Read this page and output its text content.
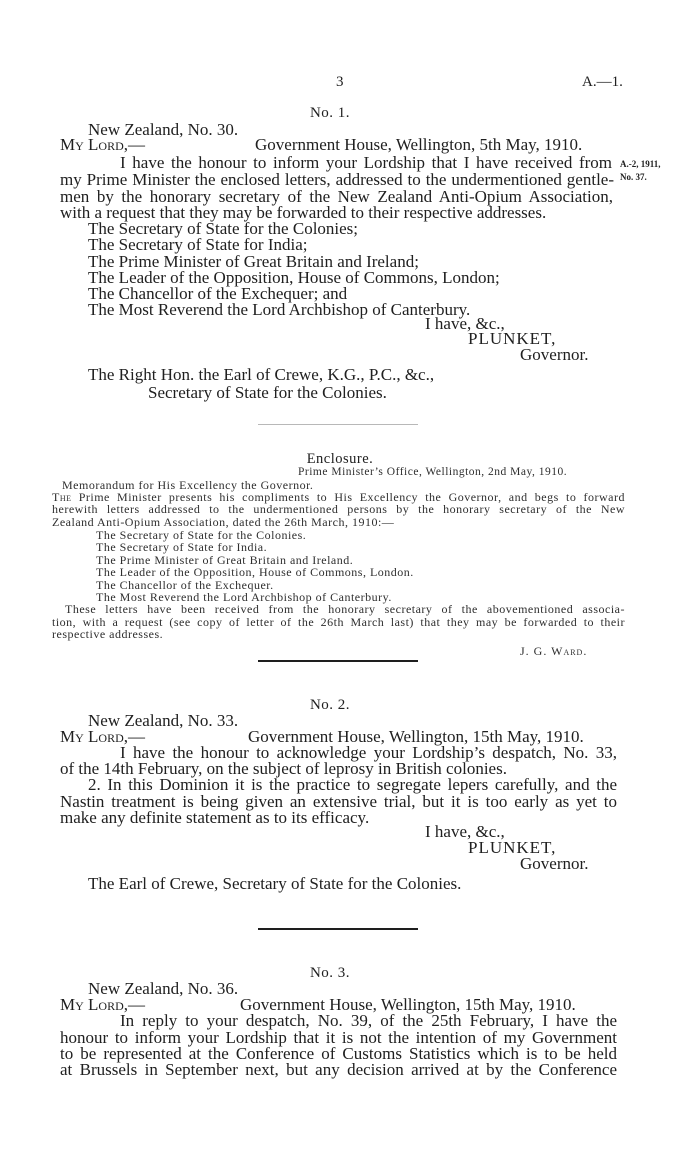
3	A.—1.
No. 1.
New Zealand, No. 30.
My Lord,—	Government House, Wellington, 5th May, 1910.
I have the honour to inform your Lordship that I have received from
my Prime Minister the enclosed letters, addressed to the undermentioned gentle-
men by the honorary secretary of the New Zealand Anti-Opium Association,
with a request that they may be forwarded to their respective addresses.
The Secretary of State for the Colonies;
The Secretary of State for India;
The Prime Minister of Great Britain and Ireland;
The Leader of the Opposition, House of Commons, London;
The Chancellor of the Exchequer; and
The Most Reverend the Lord Archbishop of Canterbury.
I have, &c.,
PLUNKET,
Governor.
The Right Hon. the Earl of Crewe, K.G., P.C., &c.,
Secretary of State for the Colonies.
A.-2, 1911,
No. 37.
Enclosure.
Prime Minister’s Office, Wellington, 2nd May, 1910.
Memorandum for His Excellency the Governor.
The Prime Minister presents his compliments to His Excellency the Governor, and begs to forward
herewith letters addressed to the undermentioned persons by the honorary secretary of the New
Zealand Anti-Opium Association, dated the 26th March, 1910:—
The Secretary of State for the Colonies.
The Secretary of State for India.
The Prime Minister of Great Britain and Ireland.
The Leader of the Opposition, House of Commons, London.
The Chancellor of the Exchequer.
The Most Reverend the Lord Archbishop of Canterbury.
These letters have been received from the honorary secretary of the abovementioned associa-
tion, with a request (see copy of letter of the 26th March last) that they may be forwarded to their
respective addresses.
J. G. Ward.
No. 2.
New Zealand, No. 33.
My Lord,—	Government House, Wellington, 15th May, 1910.
I have the honour to acknowledge your Lordship’s despatch, No. 33,
of the 14th February, on the subject of leprosy in British colonies.
2. In this Dominion it is the practice to segregate lepers carefully, and the
Nastin treatment is being given an extensive trial, but it is too early as yet to
make any definite statement as to its efficacy.
I have, &c.,
PLUNKET,
Governor.
The Earl of Crewe, Secretary of State for the Colonies.
No. 3.
New Zealand, No. 36.
My Lord,—	Government House, Wellington, 15th May, 1910.
In reply to your despatch, No. 39, of the 25th February, I have the
honour to inform your Lordship that it is not the intention of my Government
to be represented at the Conference of Customs Statistics which is to be held
at Brussels in September next, but any decision arrived at by the Conference
